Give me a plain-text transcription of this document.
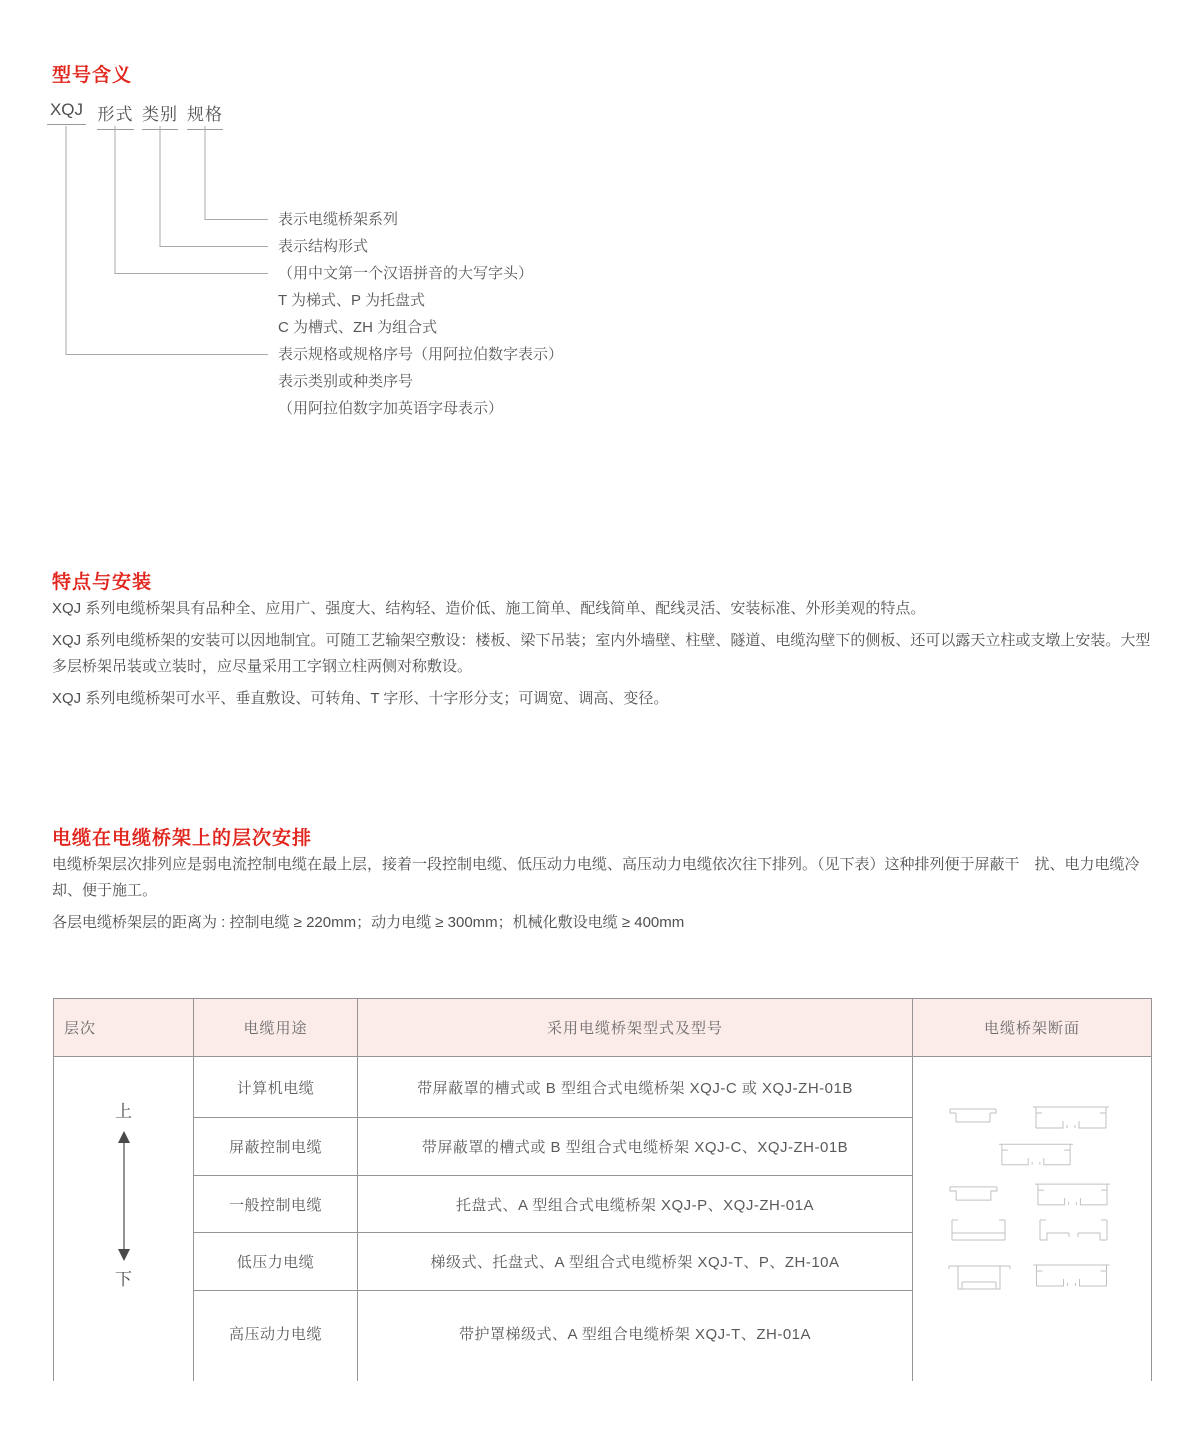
型号含义
XQJ 形式 类别 规格
表示电缆桥架系列
表示结构形式
（用中文第一个汉语拼音的大写字头）
T 为梯式、P 为托盘式
C 为槽式、ZH 为组合式
表示规格或规格序号（用阿拉伯数字表示）
表示类别或种类序号
（用阿拉伯数字加英语字母表示）
特点与安装

XQJ 系列电缆桥架具有品种全、应用广、强度大、结构轻、造价低、施工简单、配线简单、配线灵活、安装标准、外形美观的特点。

XQJ 系列电缆桥架的安装可以因地制宜。可随工艺输架空敷设：楼板、梁下吊装；室内外墙壁、柱壁、隧道、电缆沟壁下的侧板、还可以露天立柱或支墩上安装。大型多层桥架吊装或立装时，应尽量采用工字钢立柱两侧对称敷设。

XQJ 系列电缆桥架可水平、垂直敷设、可转角、T 字形、十字形分支；可调宽、调高、变径。

电缆在电缆桥架上的层次安排

电缆桥架层次排列应是弱电流控制电缆在最上层，接着一段控制电缆、低压动力电缆、高压动力电缆依次往下排列。（见下表）这种排列便于屏蔽干　扰、电力电缆冷却、便于施工。

各层电缆桥架层的距离为 : 控制电缆 ≥ 220mm；动力电缆 ≥ 300mm；机械化敷设电缆 ≥ 400mm

层次	电缆用途	采用电缆桥架型式及型号	电缆桥架断面
上
下
计算机电缆	带屏蔽罩的槽式或 B 型组合式电缆桥架 XQJ-C 或 XQJ-ZH-01B
屏蔽控制电缆	带屏蔽罩的槽式或 B 型组合式电缆桥架 XQJ-C、XQJ-ZH-01B
一般控制电缆	托盘式、A 型组合式电缆桥架 XQJ-P、XQJ-ZH-01A
低压力电缆	梯级式、托盘式、A 型组合式电缆桥架 XQJ-T、P、ZH-10A
高压动力电缆	带护罩梯级式、A 型组合电缆桥架 XQJ-T、ZH-01A
